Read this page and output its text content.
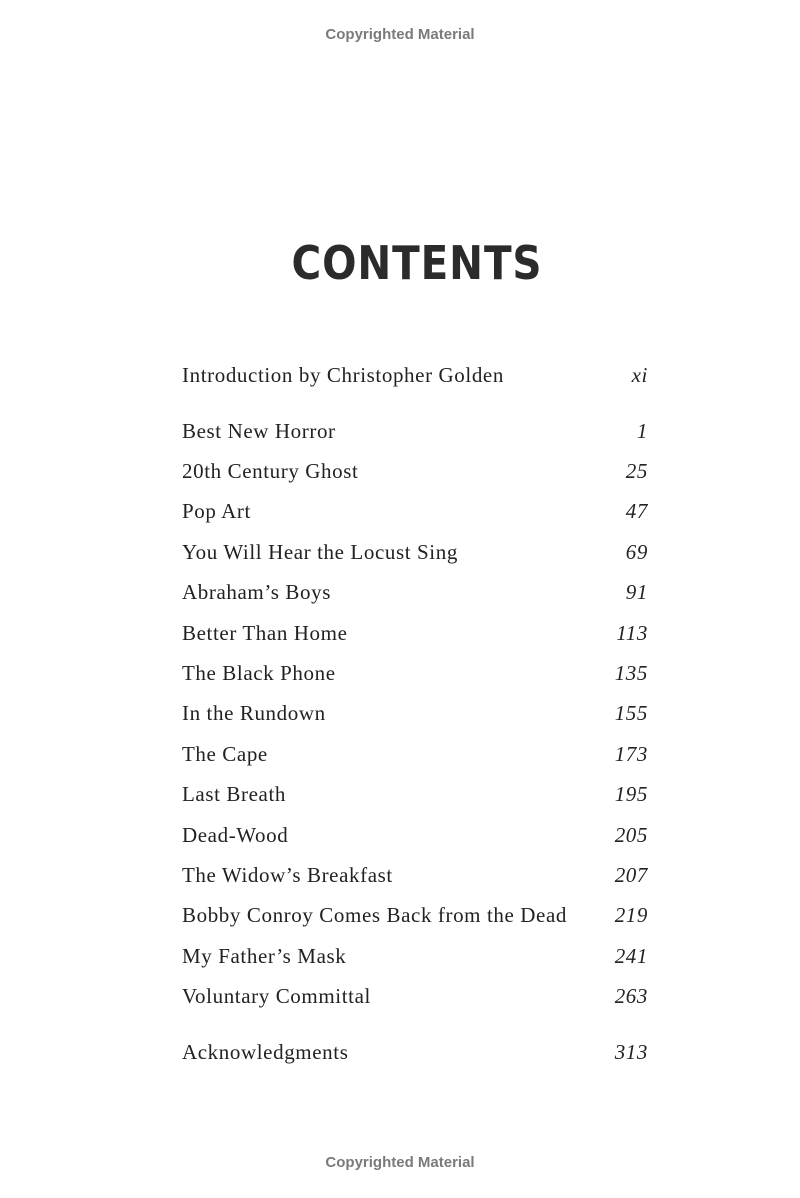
Copyrighted Material
CONTENTS
Introduction by Christopher Golden	xi
Best New Horror	1
20th Century Ghost	25
Pop Art	47
You Will Hear the Locust Sing	69
Abraham’s Boys	91
Better Than Home	113
The Black Phone	135
In the Rundown	155
The Cape	173
Last Breath	195
Dead-Wood	205
The Widow’s Breakfast	207
Bobby Conroy Comes Back from the Dead 219
My Father’s Mask	241
Voluntary Committal	263
Acknowledgments	313
Copyrighted Material
